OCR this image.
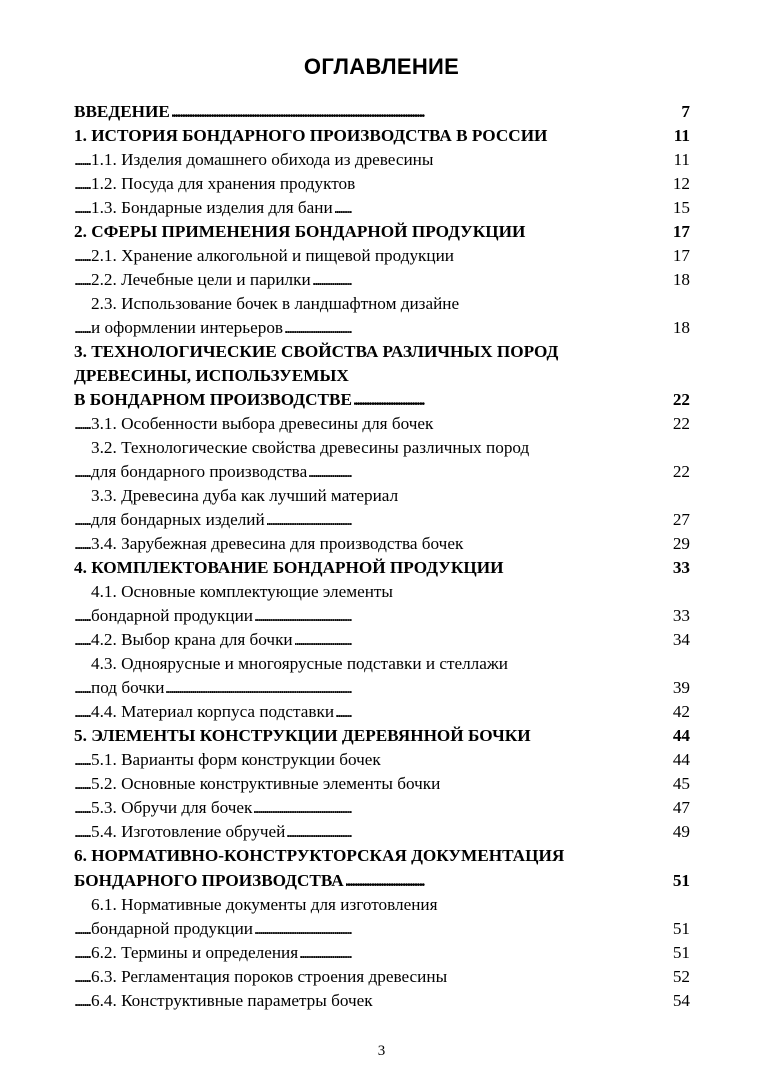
ОГЛАВЛЕНИЕ
ВВЕДЕНИЕ	7
. . .
1. ИСТОРИЯ БОНДАРНОГО ПРОИЗВОДСТВА В РОССИИ	11
. . .
1.1. Изделия домашнего обихода из древесины	11
. . .
1.2. Посуда для хранения продуктов	12
. . .
1.3. Бондарные изделия для бани	15
. . .
2. СФЕРЫ ПРИМЕНЕНИЯ БОНДАРНОЙ ПРОДУКЦИИ	17
. . .
2.1. Хранение алкогольной и пищевой продукции	17
. . .
2.2. Лечебные цели и парилки	18
. . .
2.3. Использование бочек в ландшафтном дизайне
и оформлении интерьеров	18
. . .
3. ТЕХНОЛОГИЧЕСКИЕ СВОЙСТВА РАЗЛИЧНЫХ ПОРОД
ДРЕВЕСИНЫ, ИСПОЛЬЗУЕМЫХ
В БОНДАРНОМ ПРОИЗВОДСТВЕ	22
. . .
3.1. Особенности выбора древесины для бочек	22
. . .
3.2. Технологические свойства древесины различных пород
для бондарного производства	22
. . .
3.3. Древесина дуба как лучший материал
для бондарных изделий	27
. . .
3.4. Зарубежная древесина для производства бочек	29
. . .
4. КОМПЛЕКТОВАНИЕ БОНДАРНОЙ ПРОДУКЦИИ	33
. . .
4.1. Основные комплектующие элементы
бондарной продукции	33
. . .
4.2. Выбор крана для бочки	34
. . .
4.3. Одноярусные и многоярусные подставки и стеллажи
под бочки	39
. . .
4.4. Материал корпуса подставки	42
. . .
5. ЭЛЕМЕНТЫ КОНСТРУКЦИИ ДЕРЕВЯННОЙ БОЧКИ	44
. . .
5.1. Варианты форм конструкции бочек	44
. . .
5.2. Основные конструктивные элементы бочки	45
. . .
5.3. Обручи для бочек	47
. . .
5.4. Изготовление обручей	49
. . .
6. НОРМАТИВНО-КОНСТРУКТОРСКАЯ ДОКУМЕНТАЦИЯ
БОНДАРНОГО ПРОИЗВОДСТВА	51
. . .
6.1. Нормативные документы для изготовления
бондарной продукции	51
. . .
6.2. Термины и определения	51
. . .
6.3. Регламентация пороков строения древесины	52
. . .
6.4. Конструктивные параметры бочек	54
. . .
3
